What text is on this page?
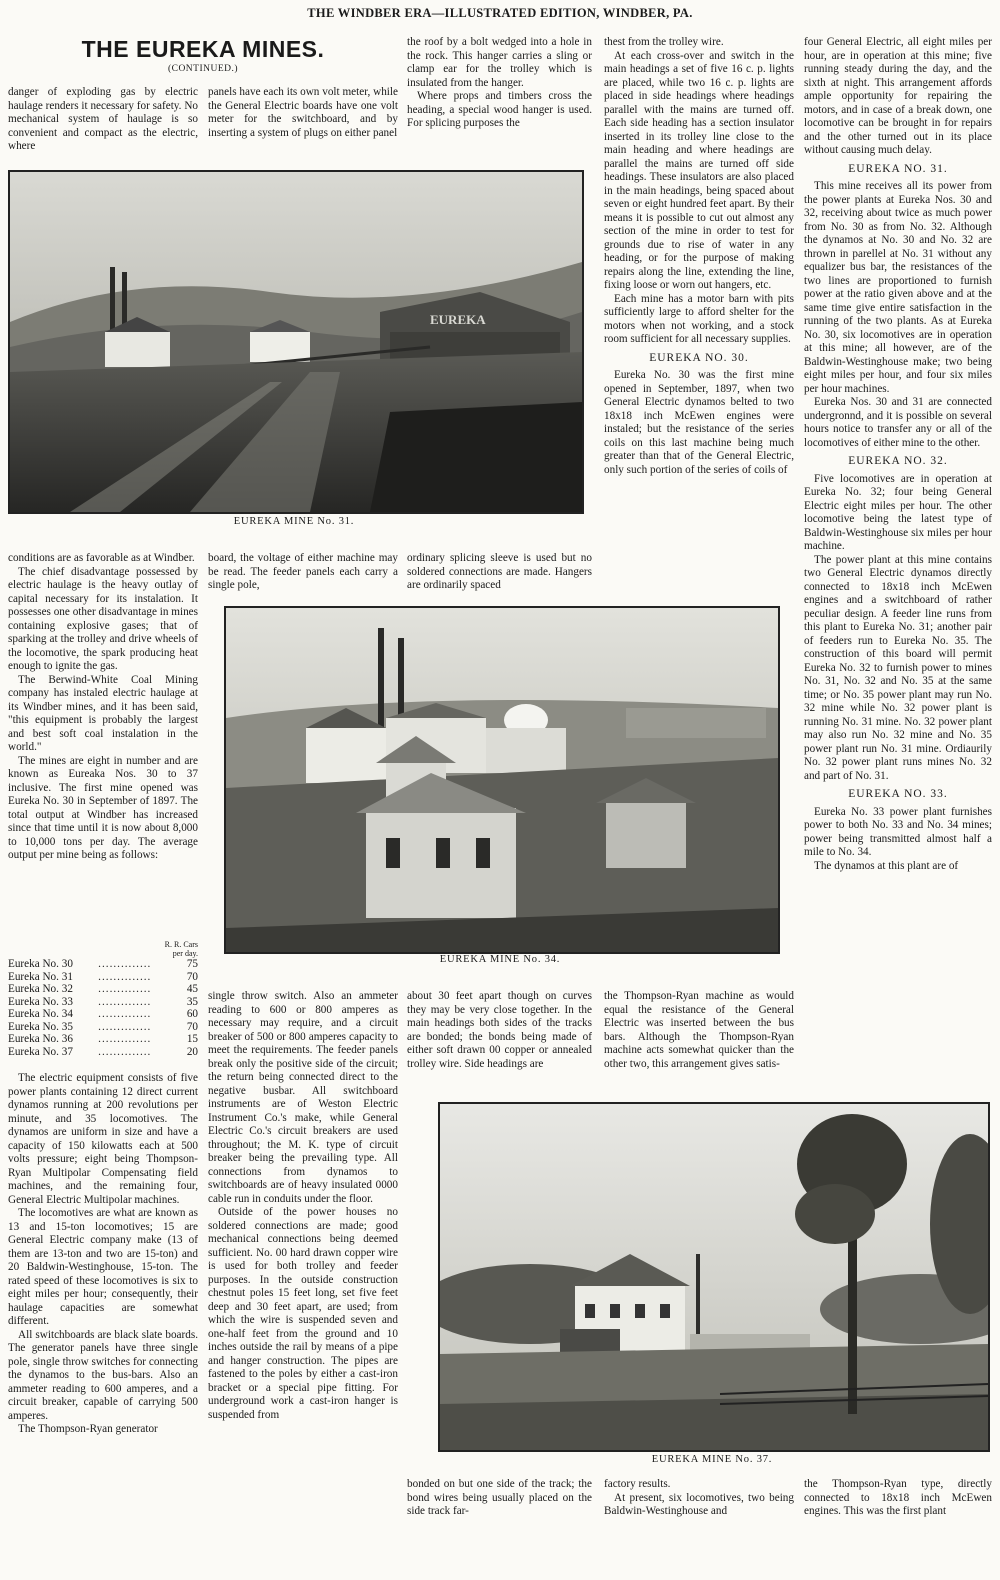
THE WINDBER ERA—ILLUSTRATED EDITION, WINDBER, PA.
THE EUREKA MINES.
(CONTINUED.)

danger of exploding gas by electric haulage renders it necessary for safety. No mechanical system of haulage is so convenient and compact as the electric, where

panels have each its own volt meter, while the General Electric boards have one volt meter for the switchboard, and by inserting a system of plugs on either panel

the roof by a bolt wedged into a hole in the rock. This hanger carries a sling or clamp ear for the trolley which is insulated from the hanger.

Where props and timbers cross the heading, a special wood hanger is used. For splicing purposes the

thest from the trolley wire.

At each cross-over and switch in the main headings a set of five 16 c. p. lights are placed, while two 16 c. p. lights are placed in side headings where headings parallel with the mains are turned off. Each side heading has a section insulator inserted in its trolley line close to the main heading and where headings are parallel the mains are turned off side headings. These insulators are also placed in the main headings, being spaced about seven or eight hundred feet apart. By their means it is possible to cut out almost any section of the mine in order to test for grounds due to rise of water in any heading, or for the purpose of making repairs along the line, extending the line, fixing loose or worn out hangers, etc.

Each mine has a motor barn with pits sufficiently large to afford shelter for the motors when not working, and a stock room sufficient for all necessary supplies.

EUREKA NO. 30.

Eureka No. 30 was the first mine opened in September, 1897, when two General Electric dynamos belted to two 18x18 inch McEwen engines were instaled; but the resistance of the series coils on this last machine being much greater than that of the General Electric, only such portion of the series of coils of

four General Electric, all eight miles per hour, are in operation at this mine; five running steady during the day, and the sixth at night. This arrangement affords ample opportunity for repairing the motors, and in case of a break down, one locomotive can be brought in for repairs and the other turned out in its place without causing much delay.

EUREKA NO. 31.

This mine receives all its power from the power plants at Eureka Nos. 30 and 32, receiving about twice as much power from No. 30 as from No. 32. Although the dynamos at No. 30 and No. 32 are thrown in parellel at No. 31 without any equalizer bus bar, the resistances of the two lines are proportioned to furnish power at the ratio given above and at the same time give entire satisfaction in the running of the two plants. As at Eureka No. 30, six locomotives are in operation at this mine; all however, are of the Baldwin-Westinghouse make; two being eight miles per hour, and four six miles per hour machines.

Eureka Nos. 30 and 31 are connected undergronnd, and it is possible on several hours notice to transfer any or all of the locomotives of either mine to the other.

EUREKA NO. 32.

Five locomotives are in operation at Eureka No. 32; four being General Electric eight miles per hour. The other locomotive being the latest type of Baldwin-Westinghouse six miles per hour machine.

The power plant at this mine contains two General Electric dynamos directly connected to 18x18 inch McEwen engines and a switchboard of rather peculiar design. A feeder line runs from this plant to Eureka No. 31; another pair of feeders run to Eureka No. 35. The construction of this board will permit Eureka No. 32 to furnish power to mines No. 31, No. 32 and No. 35 at the same time; or No. 35 power plant may run No. 32 mine while No. 32 power plant is running No. 31 mine. No. 32 power plant may also run No. 32 mine and No. 35 power plant run No. 31 mine. Ordiaurily No. 32 power plant runs mines No. 32 and part of No. 31.

EUREKA NO. 33.

Eureka No. 33 power plant furnishes power to both No. 33 and No. 34 mines; power being transmitted almost half a mile to No. 34.

The dynamos at this plant are of

EUREKA
EUREKA MINE No. 31.

conditions are as favorable as at Windber.

The chief disadvantage possessed by electric haulage is the heavy outlay of capital necessary for its instalation. It possesses one other disadvantage in mines containing explosive gases; that of sparking at the trolley and drive wheels of the locomotive, the spark producing heat enough to ignite the gas.

The Berwind-White Coal Mining company has instaled electric haulage at its Windber mines, and it has been said, "this equipment is probably the largest and best soft coal instalation in the world."

The mines are eight in number and are known as Eureaka Nos. 30 to 37 inclusive. The first mine opened was Eureka No. 30 in September of 1897. The total output at Windber has increased since that time until it is now about 8,000 to 10,000 tons per day. The average output per mine being as follows:

R. R. Cars
per day.
Eureka No. 30	..............	75
Eureka No. 31	..............	70
Eureka No. 32	..............	45
Eureka No. 33	..............	35
Eureka No. 34	..............	60
Eureka No. 35	..............	70
Eureka No. 36	..............	15
Eureka No. 37	..............	20

The electric equipment consists of five power plants containing 12 direct current dynamos running at 200 revolutions per minute, and 35 locomotives. The dynamos are uniform in size and have a capacity of 150 kilowatts each at 500 volts pressure; eight being Thompson-Ryan Multipolar Compensating field machines, and the remaining four, General Electric Multipolar machines.

The locomotives are what are known as 13 and 15-ton locomotives; 15 are General Electric company make (13 of them are 13-ton and two are 15-ton) and 20 Baldwin-Westinghouse, 15-ton. The rated speed of these locomotives is six to eight miles per hour; consequently, their haulage capacities are somewhat different.

All switchboards are black slate boards. The generator panels have three single pole, single throw switches for connecting the dynamos to the bus-bars. Also an ammeter reading to 600 amperes, and a circuit breaker, capable of carrying 500 amperes.

The Thompson-Ryan generator

board, the voltage of either machine may be read. The feeder panels each carry a single pole,

ordinary splicing sleeve is used but no soldered connections are made. Hangers are ordinarily spaced

EUREKA MINE No. 34.

single throw switch. Also an ammeter reading to 600 or 800 amperes as necessary may require, and a circuit breaker of 500 or 800 amperes capacity to meet the requirements. The feeder panels break only the positive side of the circuit; the return being connected direct to the negative busbar. All switchboard instruments are of Weston Electric Instrument Co.'s make, while General Electric Co.'s circuit breakers are used throughout; the M. K. type of circuit breaker being the prevailing type. All connections from dynamos to switchboards are of heavy insulated 0000 cable run in conduits under the floor.

Outside of the power houses no soldered connections are made; good mechanical connections being deemed sufficient. No. 00 hard drawn copper wire is used for both trolley and feeder purposes. In the outside construction chestnut poles 15 feet long, set five feet deep and 30 feet apart, are used; from which the wire is suspended seven and one-half feet from the ground and 10 inches outside the rail by means of a pipe and hanger construction. The pipes are fastened to the poles by either a cast-iron bracket or a special pipe fitting. For underground work a cast-iron hanger is suspended from

about 30 feet apart though on curves they may be very close together. In the main headings both sides of the tracks are bonded; the bonds being made of either soft drawn 00 copper or annealed trolley wire. Side headings are

the Thompson-Ryan machine as would equal the resistance of the General Electric was inserted between the bus bars. Although the Thompson-Ryan machine acts somewhat quicker than the other two, this arrangement gives satis-

EUREKA MINE No. 37.

bonded on but one side of the track; the bond wires being usually placed on the side track far-

factory results.

At present, six locomotives, two being Baldwin-Westinghouse and

the Thompson-Ryan type, directly connected to 18x18 inch McEwen engines. This was the first plant
